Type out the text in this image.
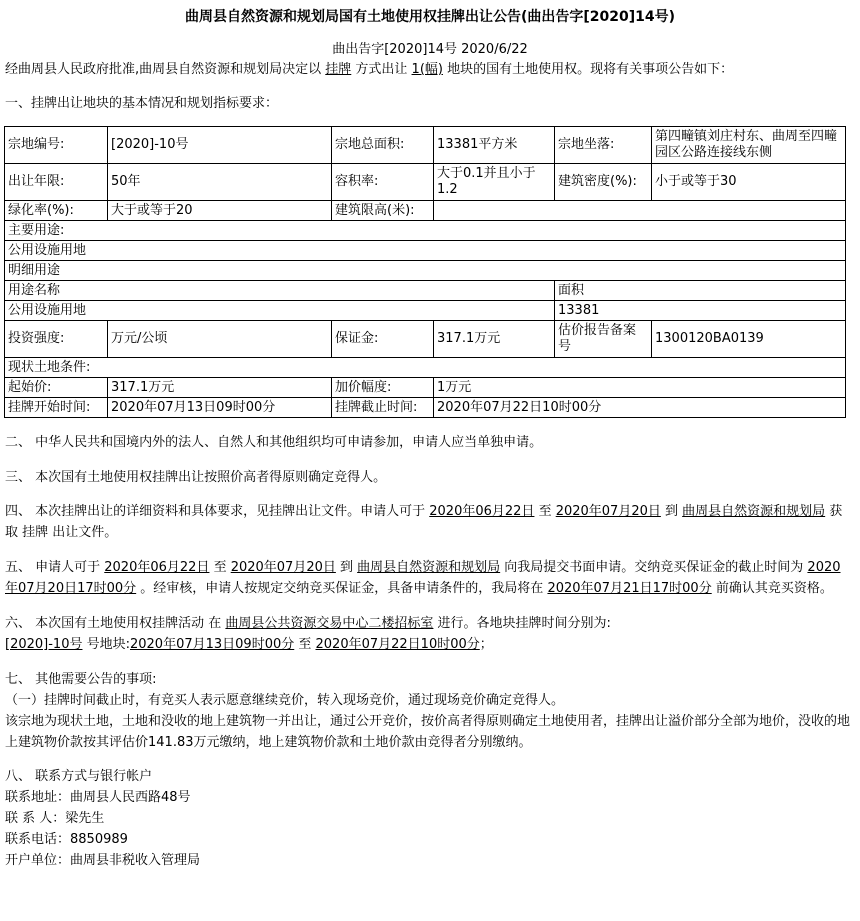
曲周县自然资源和规划局国有土地使用权挂牌出让公告(曲出告字[2020]14号)
曲出告字[2020]14号 2020/6/22
经曲周县人民政府批准,曲周县自然资源和规划局决定以 挂牌 方式出让 1(幅) 地块的国有土地使用权。现将有关事项公告如下：
一、挂牌出让地块的基本情况和规划指标要求：
宗地编号:	[2020]-10号	宗地总面积:	13381平方米	宗地坐落:	第四疃镇刘庄村东、曲周至四疃园区公路连接线东侧
出让年限:	50年	容积率:	大于0.1并且小于1.2	建筑密度(%):	小于或等于30
绿化率(%):	大于或等于20	建筑限高(米):			
主要用途:					
公用设施用地					
明细用途					
用途名称				面积	
公用设施用地				13381	
投资强度:	万元/公顷	保证金:	317.1万元	估价报告备案号	1300120BA0139
现状土地条件:					
起始价:	317.1万元	加价幅度:	1万元		
挂牌开始时间:	2020年07月13日09时00分	挂牌截止时间:	2020年07月22日10时00分		
二、 中华人民共和国境内外的法人、自然人和其他组织均可申请参加，申请人应当单独申请。
三、 本次国有土地使用权挂牌出让按照价高者得原则确定竞得人。
四、 本次挂牌出让的详细资料和具体要求，见挂牌出让文件。申请人可于 2020年06月22日 至 2020年07月20日 到 曲周县自然资源和规划局 获取 挂牌 出让文件。
五、 申请人可于 2020年06月22日 至 2020年07月20日 到 曲周县自然资源和规划局 向我局提交书面申请。交纳竞买保证金的截止时间为 2020年07月20日17时00分 。经审核，申请人按规定交纳竞买保证金，具备申请条件的，我局将在 2020年07月21日17时00分 前确认其竞买资格。
六、 本次国有土地使用权挂牌活动 在 曲周县公共资源交易中心二楼招标室 进行。各地块挂牌时间分别为:
[2020]-10号 号地块:2020年07月13日09时00分 至 2020年07月22日10时00分；
七、 其他需要公告的事项:
（一）挂牌时间截止时，有竞买人表示愿意继续竞价，转入现场竞价，通过现场竞价确定竞得人。
该宗地为现状土地，土地和没收的地上建筑物一并出让，通过公开竞价，按价高者得原则确定土地使用者，挂牌出让溢价部分全部为地价，没收的地上建筑物价款按其评估价141.83万元缴纳，地上建筑物价款和土地价款由竞得者分别缴纳。
八、 联系方式与银行帐户
联系地址：曲周县人民西路48号
联 系 人：梁先生
联系电话：8850989
开户单位：曲周县非税收入管理局
